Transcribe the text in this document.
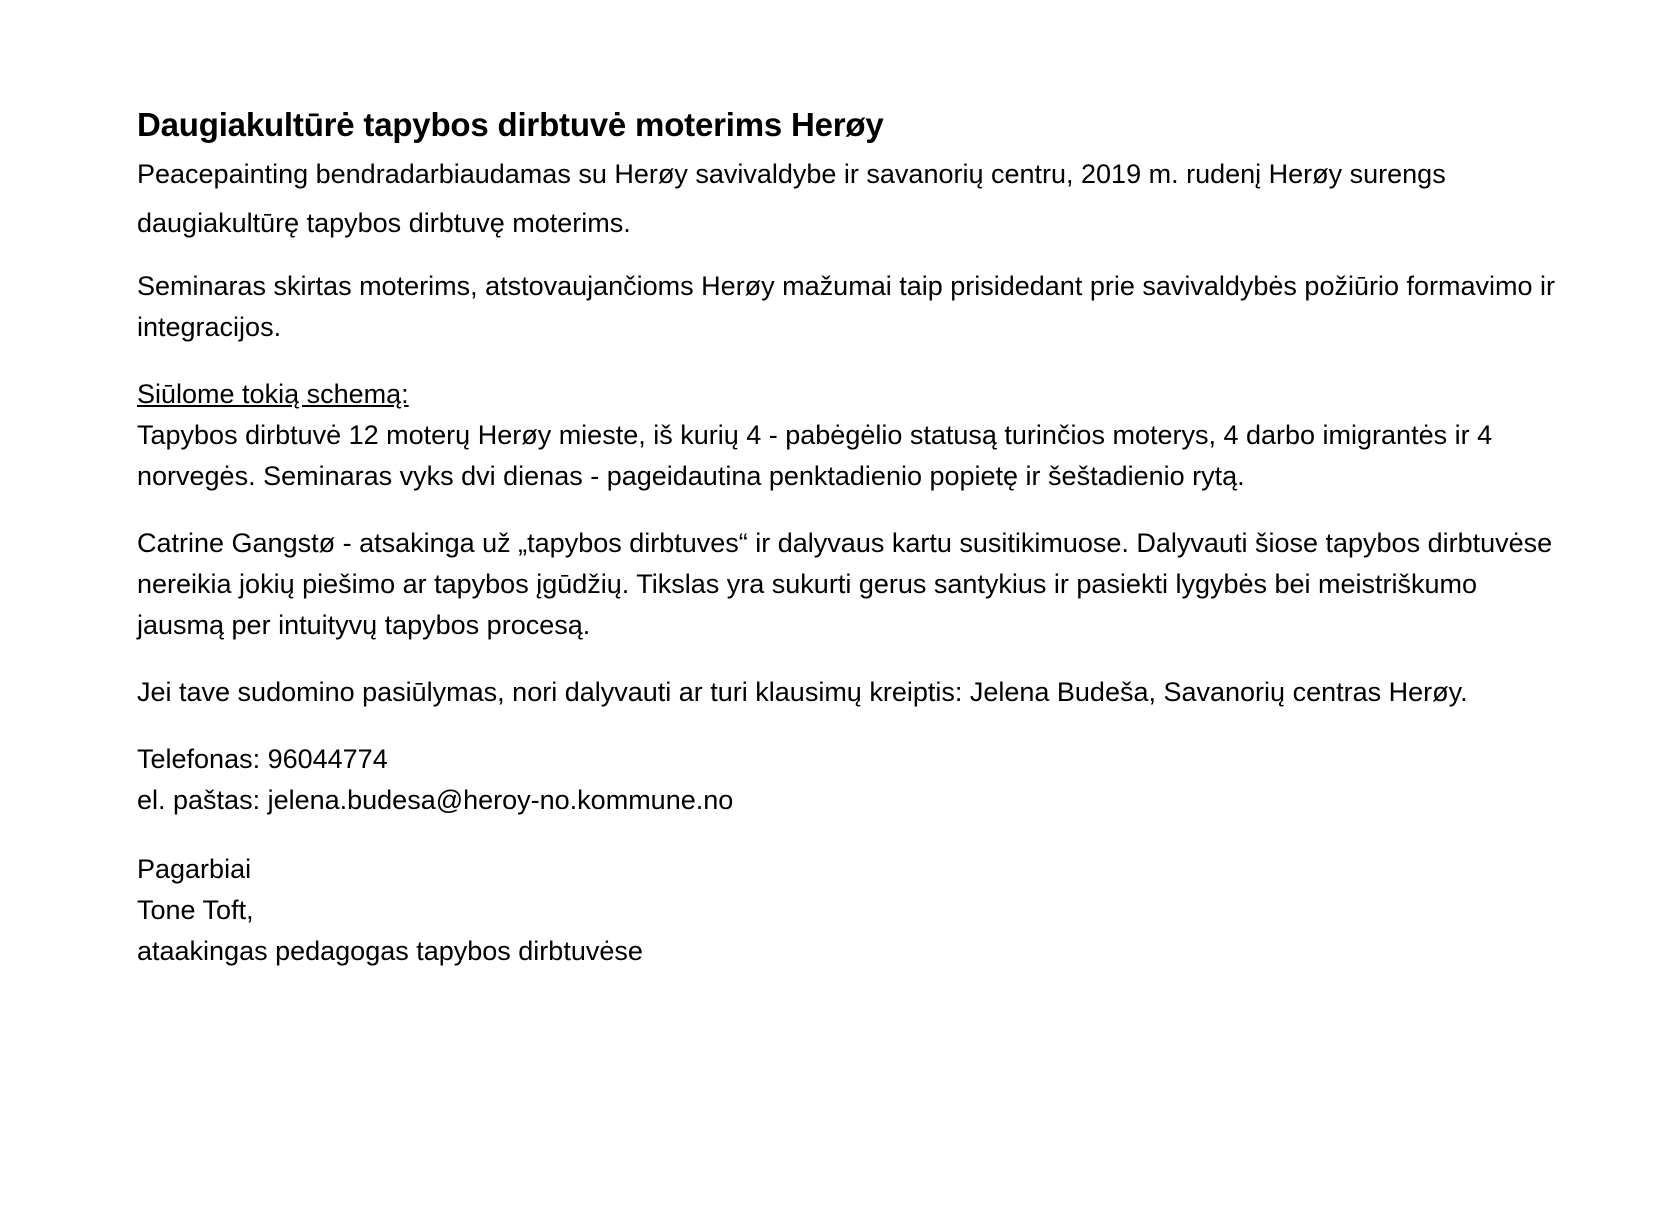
Daugiakultūrė tapybos dirbtuvė moterims Herøy

Peacepainting bendradarbiaudamas su Herøy savivaldybe ir savanorių centru, 2019 m. rudenį Herøy surengs daugiakultūrę tapybos dirbtuvę moterims.

Seminaras skirtas moterims, atstovaujančioms Herøy mažumai taip prisidedant prie savivaldybės požiūrio formavimo ir integracijos.

Siūlome tokią schemą:
Tapybos dirbtuvė 12 moterų Herøy mieste, iš kurių 4 - pabėgėlio statusą turinčios moterys, 4 darbo imigrantės ir 4 norvegės. Seminaras vyks dvi dienas - pageidautina penktadienio popietę ir šeštadienio rytą.

Catrine Gangstø - atsakinga už „tapybos dirbtuves“ ir dalyvaus kartu susitikimuose. Dalyvauti šiose tapybos dirbtuvėse nereikia jokių piešimo ar tapybos įgūdžių. Tikslas yra sukurti gerus santykius ir pasiekti lygybės bei meistriškumo jausmą per intuityvų tapybos procesą.

Jei tave sudomino pasiūlymas, nori dalyvauti ar turi klausimų kreiptis: Jelena Budeša, Savanorių centras Herøy.

Telefonas: 96044774
el. paštas: jelena.budesa@heroy-no.kommune.no
Pagarbiai
Tone Toft,
ataakingas pedagogas tapybos dirbtuvėse
